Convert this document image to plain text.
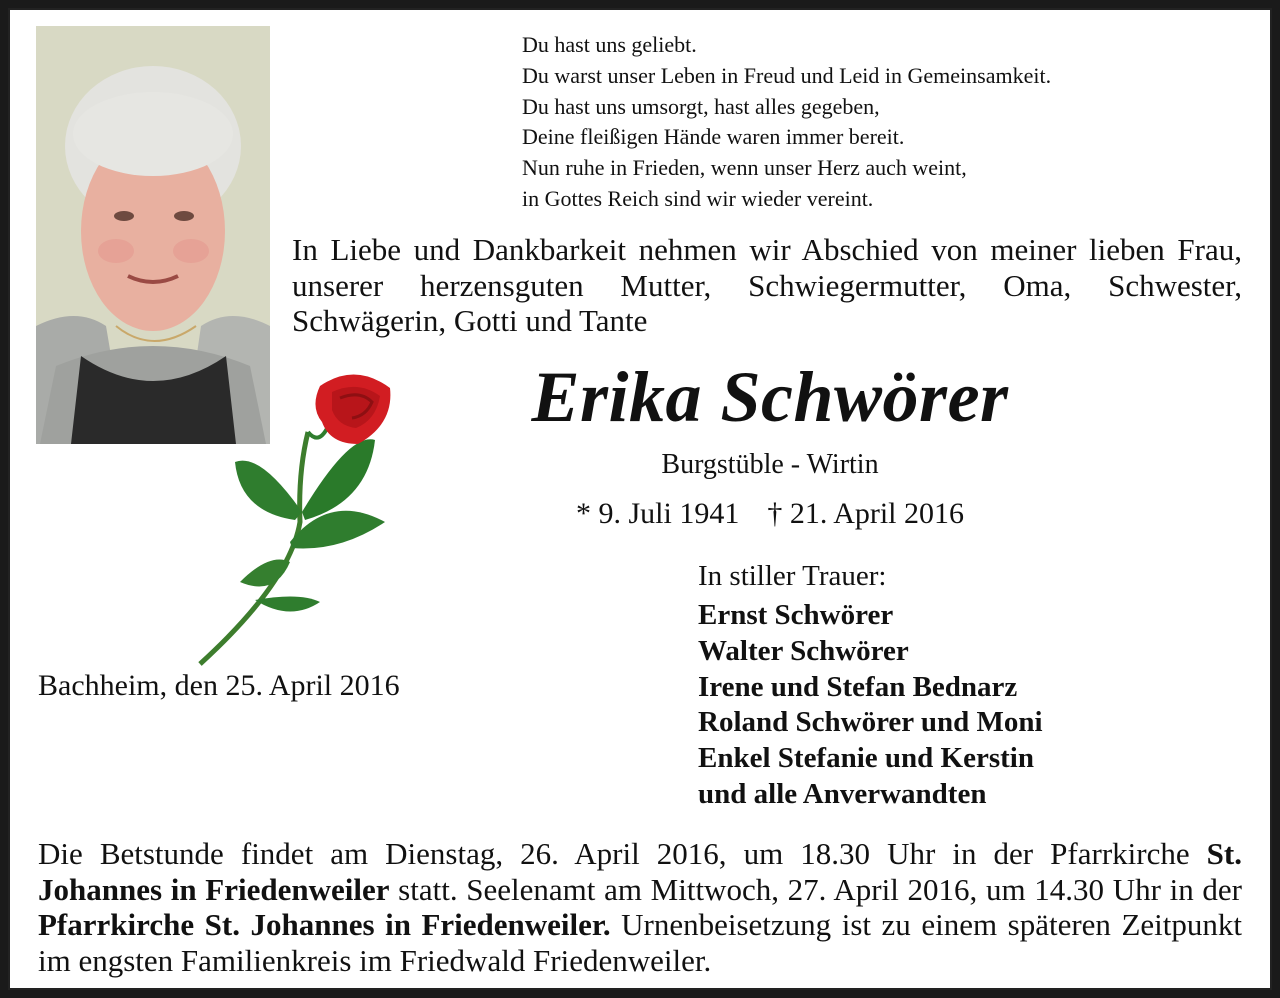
Du hast uns geliebt.
Du warst unser Leben in Freud und Leid in Gemeinsamkeit.
Du hast uns umsorgt, hast alles gegeben,
Deine fleißigen Hände waren immer bereit.
Nun ruhe in Frieden, wenn unser Herz auch weint,
in Gottes Reich sind wir wieder vereint.
In Liebe und Dankbarkeit nehmen wir Abschied von meiner lieben Frau, unserer herzensguten Mutter, Schwiegermutter, Oma, Schwester, Schwägerin, Gotti und Tante
Erika Schwörer
Burgstüble - Wirtin
* 9. Juli 1941 † 21. April 2016
Bachheim, den 25. April 2016
In stiller Trauer:
Ernst Schwörer
Walter Schwörer
Irene und Stefan Bednarz
Roland Schwörer und Moni
Enkel Stefanie und Kerstin
und alle Anverwandten
Die Betstunde findet am Dienstag, 26. April 2016, um 18.30 Uhr in der Pfarrkirche St. Johannes in Friedenweiler statt. Seelenamt am Mittwoch, 27. April 2016, um 14.30 Uhr in der Pfarrkirche St. Johannes in Friedenweiler. Urnenbeisetzung ist zu einem späteren Zeitpunkt im engsten Familienkreis im Friedwald Friedenweiler.
